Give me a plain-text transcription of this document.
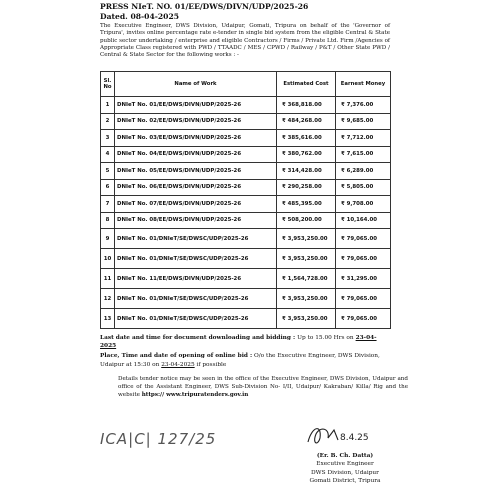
PRESS NIeT. NO. 01/EE/DWS/DIVN/UDP/2025-26
Dated. 08-04-2025
The Executive Engineer, DWS Division, Udaipur, Gomati, Tripura on behalf of the 'Governor of Tripura', invites online percentage rate e-tender in single bid system from the eligible Central & State public sector undertaking / enterprise and eligible Contractors / Firms / Private Ltd. Firm /Agencies of Appropriate Class registered with PWD / TTAADC / MES / CPWD / Railway / P&T / Other State PWD / Central & State Sector for the following works : -
Sl. No	Name of Work	Estimated Cost	Earnest Money
1	DNIeT No. 01/EE/DWS/DIVN/UDP/2025-26	₹ 368,818.00	₹ 7,376.00
2	DNIeT No. 02/EE/DWS/DIVN/UDP/2025-26	₹ 484,268.00	₹ 9,685.00
3	DNIeT No. 03/EE/DWS/DIVN/UDP/2025-26	₹ 385,616.00	₹ 7,712.00
4	DNIeT No. 04/EE/DWS/DIVN/UDP/2025-26	₹ 380,762.00	₹ 7,615.00
5	DNIeT No. 05/EE/DWS/DIVN/UDP/2025-26	₹ 314,428.00	₹ 6,289.00
6	DNIeT No. 06/EE/DWS/DIVN/UDP/2025-26	₹ 290,258.00	₹ 5,805.00
7	DNIeT No. 07/EE/DWS/DIVN/UDP/2025-26	₹ 485,395.00	₹ 9,708.00
8	DNIeT No. 08/EE/DWS/DIVN/UDP/2025-26	₹ 508,200.00	₹ 10,164.00
9	DNIeT No. 01/DNIeT/SE/DWSC/UDP/2025-26	₹ 3,953,250.00	₹ 79,065.00
10	DNIeT No. 01/DNIeT/SE/DWSC/UDP/2025-26	₹ 3,953,250.00	₹ 79,065.00
11	DNIeT No. 11/EE/DWS/DIVN/UDP/2025-26	₹ 1,564,728.00	₹ 31,295.00
12	DNIeT No. 01/DNIeT/SE/DWSC/UDP/2025-26	₹ 3,953,250.00	₹ 79,065.00
13	DNIeT No. 01/DNIeT/SE/DWSC/UDP/2025-26	₹ 3,953,250.00	₹ 79,065.00
Last date and time for document downloading and bidding : Up to 15.00 Hrs on 23-04-2025
Place, Time and date of opening of online bid : O/o the Executive Engineer, DWS Division, Udaipur at 15:30 on 23-04-2025 if possible
Details tender notice may be seen in the office of the Executive Engineer, DWS Division, Udaipur and office of the Assistant Engineer, DWS Sub-Division No- I/II, Udaipur/ Kakraban/ Killa/ Rig and the website https:// www.tripuratenders.gov.in
ICA|C| 127/25	8.4.25
(Er. B. Ch. Datta)
Executive Engineer
DWS Division, Udaipur
Gomati District, Tripura
